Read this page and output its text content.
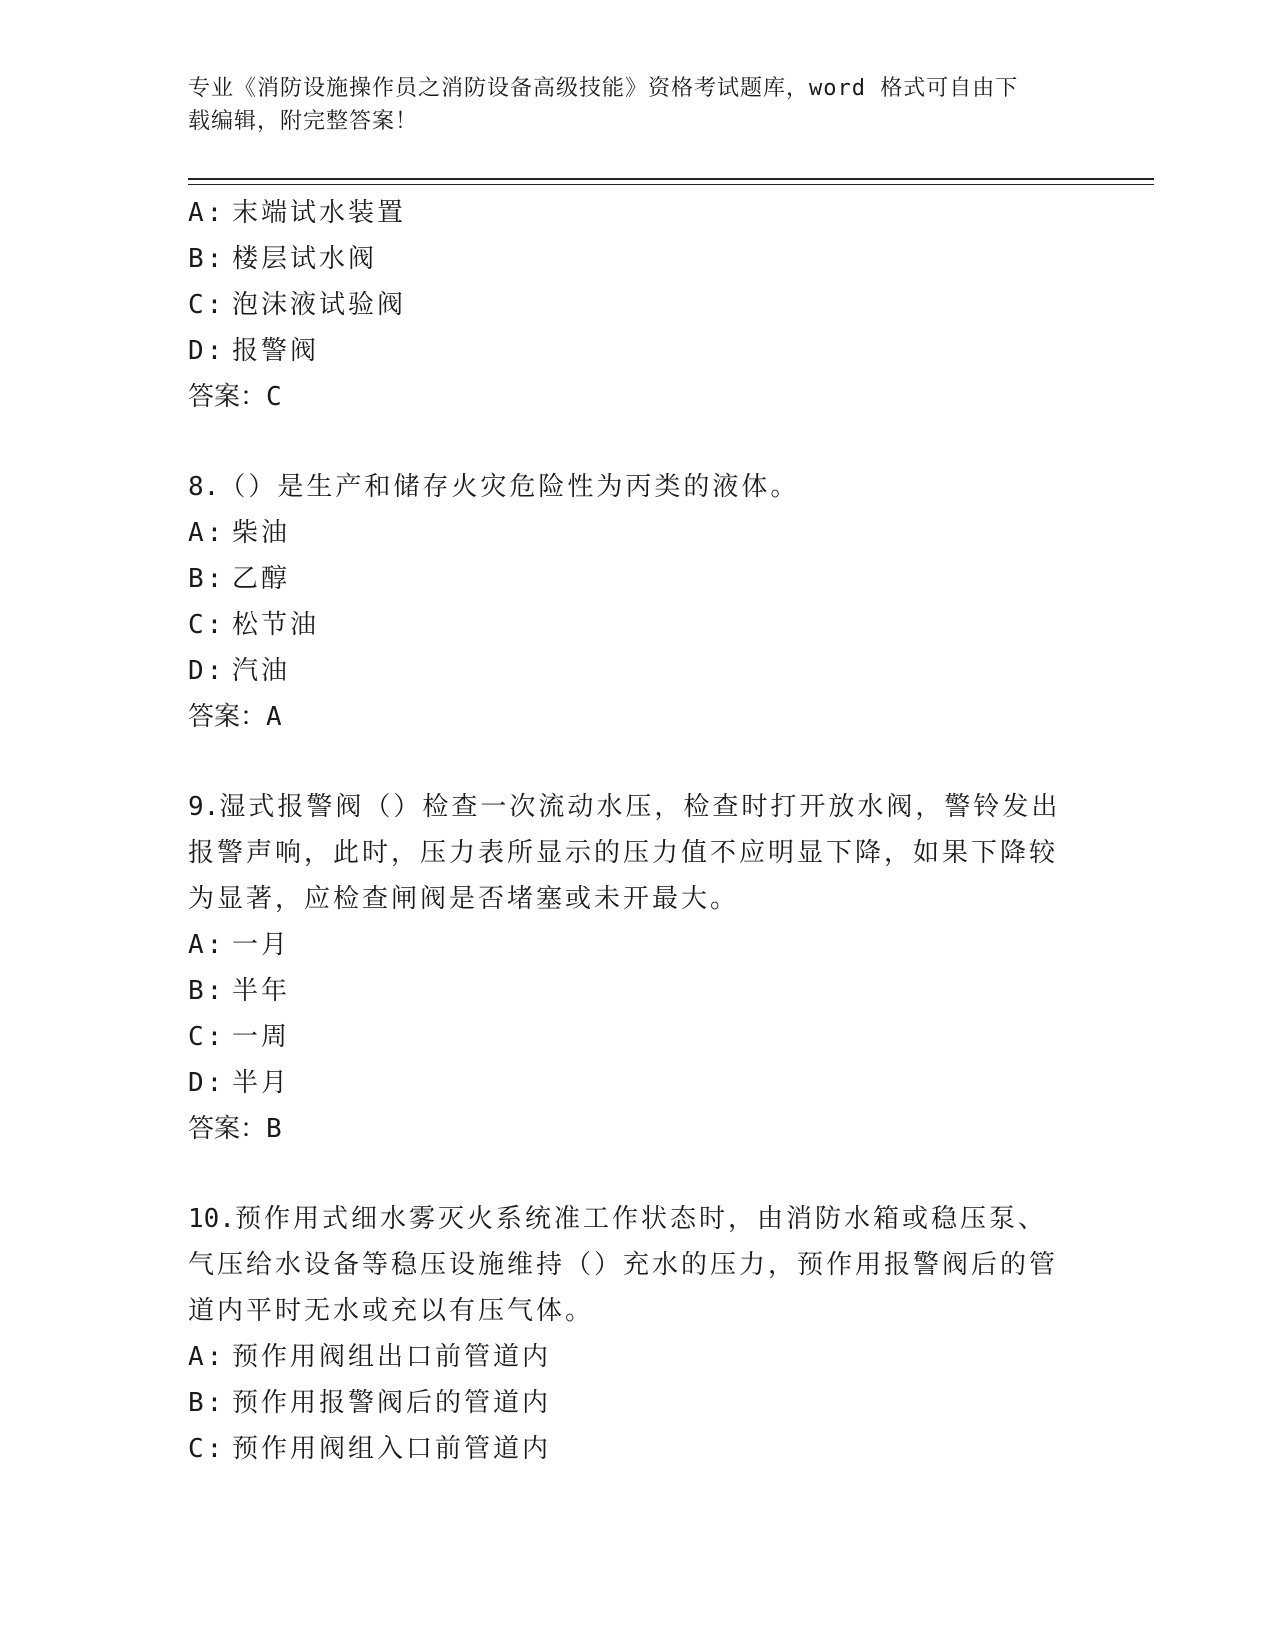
专业《消防设施操作员之消防设备高级技能》资格考试题库，word 格式可自由下
载编辑，附完整答案！
A: 末端试水装置
B: 楼层试水阀
C: 泡沫液试验阀
D: 报警阀
答案：C
8.（）是生产和储存火灾危险性为丙类的液体。
A: 柴油
B: 乙醇
C: 松节油
D: 汽油
答案：A
9.湿式报警阀（）检查一次流动水压，检查时打开放水阀，警铃发出报警声响，此时，压力表所显示的压力值不应明显下降，如果下降较为显著，应检查闸阀是否堵塞或未开最大。
A: 一月
B: 半年
C: 一周
D: 半月
答案：B
10.预作用式细水雾灭火系统准工作状态时，由消防水箱或稳压泵、气压给水设备等稳压设施维持（）充水的压力，预作用报警阀后的管道内平时无水或充以有压气体。
A: 预作用阀组出口前管道内
B: 预作用报警阀后的管道内
C: 预作用阀组入口前管道内
